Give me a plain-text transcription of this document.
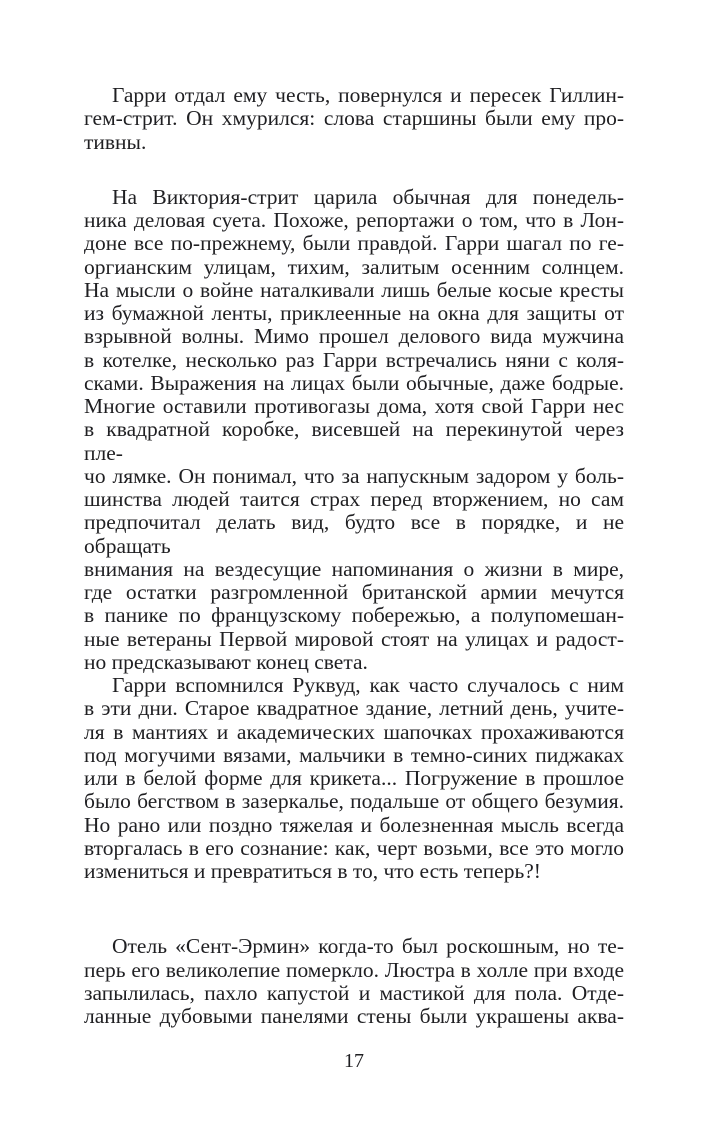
Гарри отдал ему честь, повернулся и пересек Гиллин-
гем-стрит. Он хмурился: слова старшины были ему про-
тивны.
На Виктория-стрит царила обычная для понедель-
ника деловая суета. Похоже, репортажи о том, что в Лон-
доне все по-прежнему, были правдой. Гарри шагал по ге-
оргианским улицам, тихим, залитым осенним солнцем.
На мысли о войне наталкивали лишь белые косые кресты
из бумажной ленты, приклеенные на окна для защиты от
взрывной волны. Мимо прошел делового вида мужчина
в котелке, несколько раз Гарри встречались няни с коля-
сками. Выражения на лицах были обычные, даже бодрые.
Многие оставили противогазы дома, хотя свой Гарри нес
в квадратной коробке, висевшей на перекинутой через пле-
чо лямке. Он понимал, что за напускным задором у боль-
шинства людей таится страх перед вторжением, но сам
предпочитал делать вид, будто все в порядке, и не обращать
внимания на вездесущие напоминания о жизни в мире,
где остатки разгромленной британской армии мечутся
в панике по французскому побережью, а полупомешан-
ные ветераны Первой мировой стоят на улицах и радост-
но предсказывают конец света.
Гарри вспомнился Руквуд, как часто случалось с ним
в эти дни. Старое квадратное здание, летний день, учите-
ля в мантиях и академических шапочках прохаживаются
под могучими вязами, мальчики в темно-синих пиджаках
или в белой форме для крикета... Погружение в прошлое
было бегством в зазеркалье, подальше от общего безумия.
Но рано или поздно тяжелая и болезненная мысль всегда
вторгалась в его сознание: как, черт возьми, все это могло
измениться и превратиться в то, что есть теперь?!
Отель «Сент-Эрмин» когда-то был роскошным, но те-
перь его великолепие померкло. Люстра в холле при входе
запылилась, пахло капустой и мастикой для пола. Отде-
ланные дубовыми панелями стены были украшены аква-
17
